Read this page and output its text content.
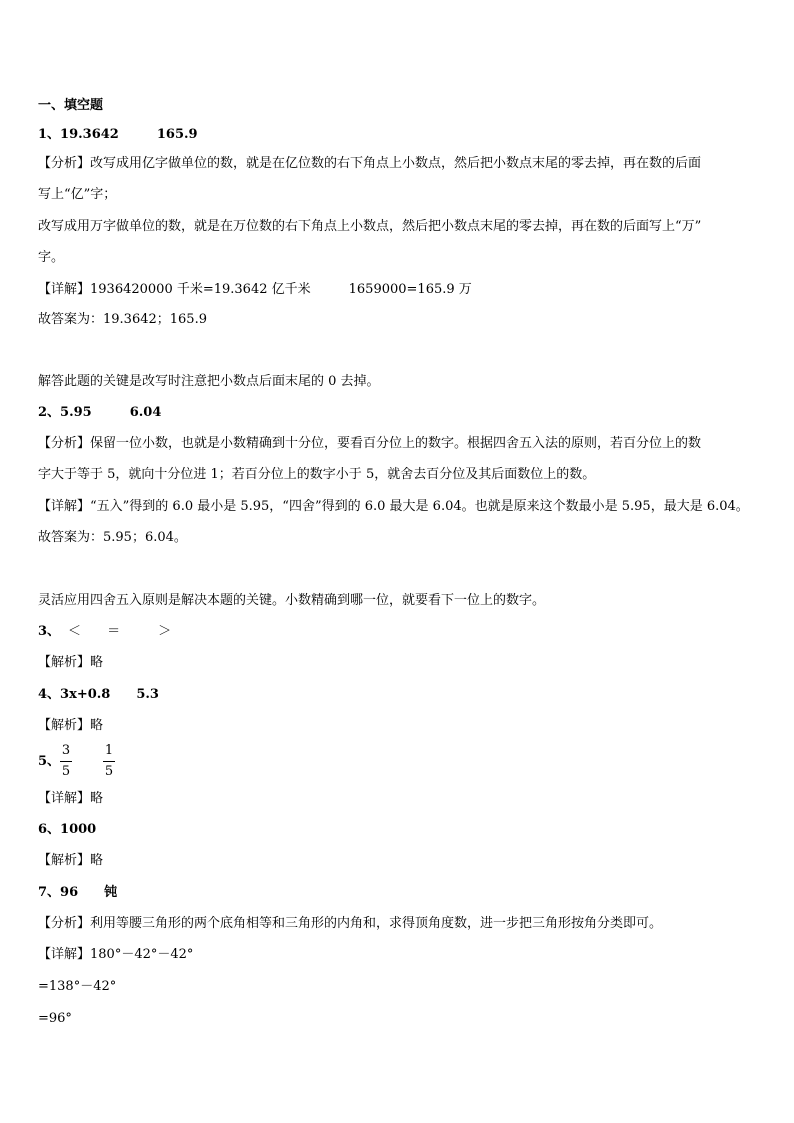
一、填空题
1、19.3642	165.9
【分析】改写成用亿字做单位的数，就是在亿位数的右下角点上小数点，然后把小数点末尾的零去掉，再在数的后面
写上“亿”字；
改写成用万字做单位的数，就是在万位数的右下角点上小数点，然后把小数点末尾的零去掉，再在数的后面写上“万”
字。
【详解】1936420000 千米=19.3642 亿千米	1659000=165.9 万
故答案为：19.3642；165.9
解答此题的关键是改写时注意把小数点后面末尾的 0 去掉。
2、5.95	6.04
【分析】保留一位小数，也就是小数精确到十分位，要看百分位上的数字。根据四舍五入法的原则，若百分位上的数
字大于等于 5，就向十分位进 1；若百分位上的数字小于 5，就舍去百分位及其后面数位上的数。
【详解】“五入”得到的 6.0 最小是 5.95，“四舍”得到的 6.0 最大是 6.04。也就是原来这个数最小是 5.95，最大是 6.04。
故答案为：5.95；6.04。
灵活应用四舍五入原则是解决本题的关键。小数精确到哪一位，就要看下一位上的数字。
3、 ＜ ＝	＞
【解析】略
4、3x+0.8 5.3
【解析】略
5、
3
5
1
5
【详解】略
6、1000
【解析】略
7、96 钝
【分析】利用等腰三角形的两个底角相等和三角形的内角和，求得顶角度数，进一步把三角形按角分类即可。
【详解】180°－42°－42°
=138°－42°
=96°
